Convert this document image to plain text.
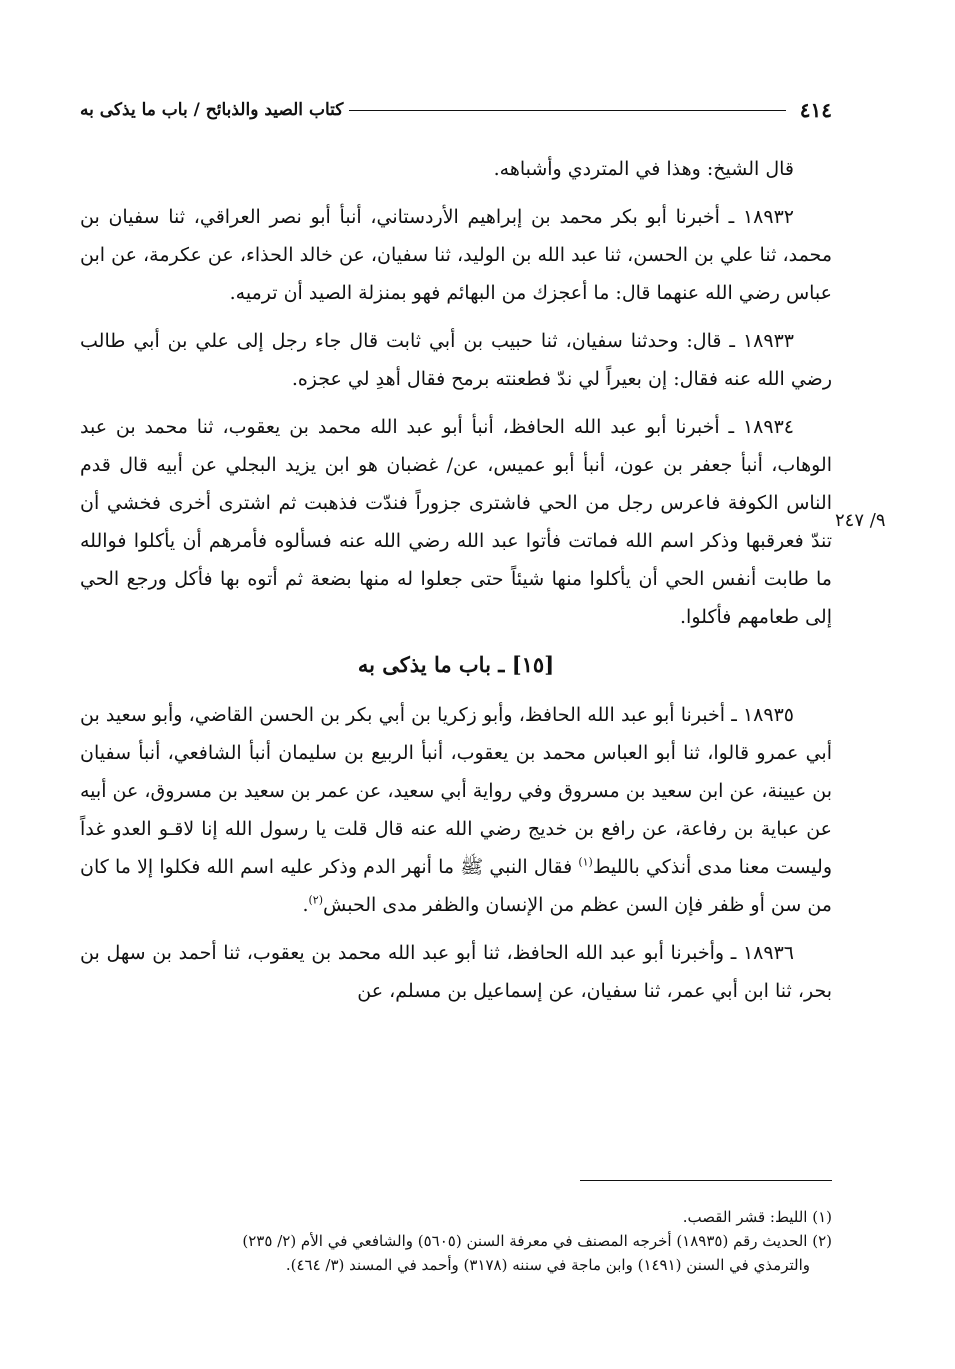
٤١٤
كتاب الصيد والذبائح / باب ما يذكى به
٩/ ٢٤٧

قال الشيخ: وهذا في المتردي وأشباهه.

١٨٩٣٢ ـ أخبرنا أبو بكر محمد بن إبراهيم الأردستاني، أنبأ أبو نصر العراقي، ثنا سفيان بن محمد، ثنا علي بن الحسن، ثنا عبد الله بن الوليد، ثنا سفيان، عن خالد الحذاء، عن عكرمة، عن ابن عباس رضي الله عنهما قال: ما أعجزك من البهائم فهو بمنزلة الصيد أن ترميه.

١٨٩٣٣ ـ قال: وحدثنا سفيان، ثنا حبيب بن أبي ثابت قال جاء رجل إلى علي بن أبي طالب رضي الله عنه فقال: إن بعيراً لي ندّ فطعنته برمح فقال أهدِ لي عجزه.

١٨٩٣٤ ـ أخبرنا أبو عبد الله الحافظ، أنبأ أبو عبد الله محمد بن يعقوب، ثنا محمد بن عبد الوهاب، أنبأ جعفر بن عون، أنبأ أبو عميس، عن/ غضبان هو ابن يزيد البجلي عن أبيه قال قدم الناس الكوفة فاعرس رجل من الحي فاشترى جزوراً فندّت فذهبت ثم اشترى أخرى فخشي أن تندّ فعرقبها وذكر اسم الله فماتت فأتوا عبد الله رضي الله عنه فسألوه فأمرهم أن يأكلوا فوالله ما طابت أنفس الحي أن يأكلوا منها شيئاً حتى جعلوا له منها بضعة ثم أتوه بها فأكل ورجع الحي إلى طعامهم فأكلوا.

[١٥] ـ باب ما يذكى به

١٨٩٣٥ ـ أخبرنا أبو عبد الله الحافظ، وأبو زكريا بن أبي بكر بن الحسن القاضي، وأبو سعيد بن أبي عمرو قالوا، ثنا أبو العباس محمد بن يعقوب، أنبأ الربيع بن سليمان أنبأ الشافعي، أنبأ سفيان بن عيينة، عن ابن سعيد بن مسروق وفي رواية أبي سعيد، عن عمر بن سعيد بن مسروق، عن أبيه عن عباية بن رفاعة، عن رافع بن خديج رضي الله عنه قال قلت يا رسول الله إنا لاقـو العدو غداً وليست معنا مدى أنذكي بالليط$^{(١)}$ فقال النبي ﷺ ما أنهر الدم وذكر عليه اسم الله فكلوا إلا ما كان من سن أو ظفر فإن السن عظم من الإنسان والظفر مدى الحبش$^{(٢)}$.

١٨٩٣٦ ـ وأخبرنا أبو عبد الله الحافظ، ثنا أبو عبد الله محمد بن يعقوب، ثنا أحمد بن سهل بن بحر، ثنا ابن أبي عمر، ثنا سفيان، عن إسماعيل بن مسلم، عن

(١) الليط: قشر القصب.

(٢) الحديث رقم (١٨٩٣٥) أخرجه المصنف في معرفة السنن (٥٦٠٥) والشافعي في الأم (٢/ ٢٣٥)

والترمذي في السنن (١٤٩١) وابن ماجة في سننه (٣١٧٨) وأحمد في المسند (٣/ ٤٦٤).
